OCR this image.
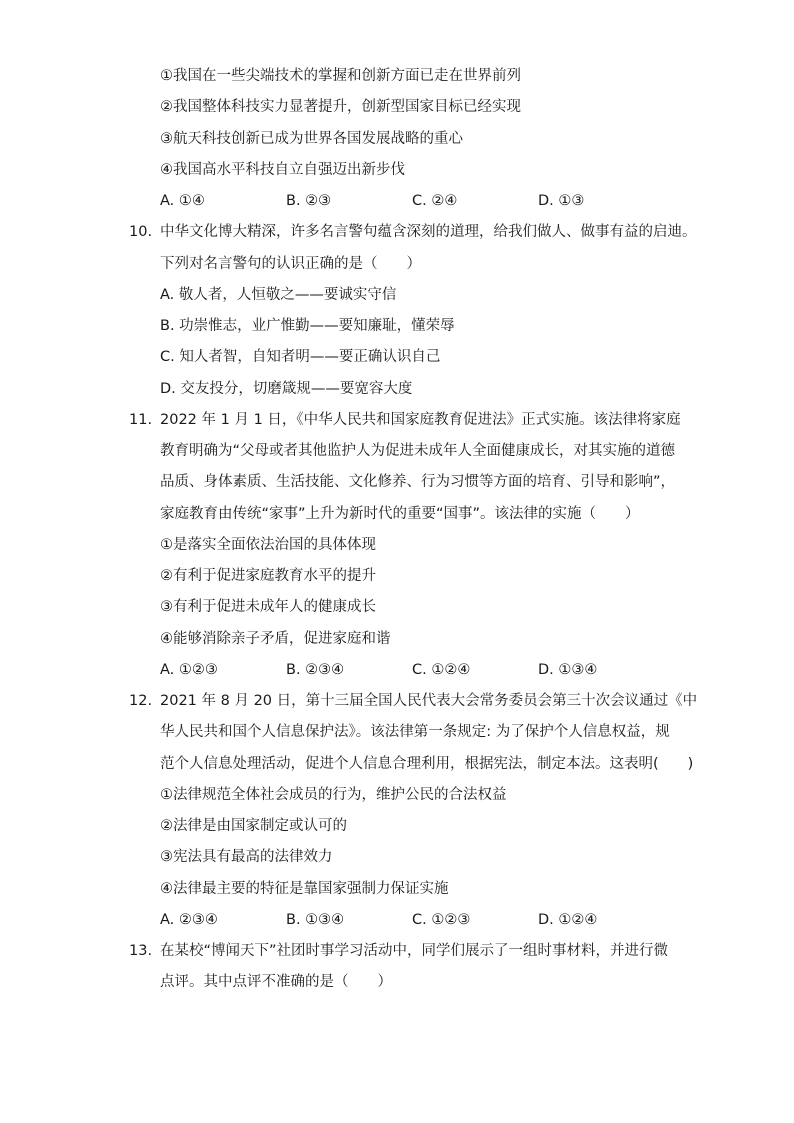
①我国在一些尖端技术的掌握和创新方面已走在世界前列
②我国整体科技实力显著提升，创新型国家目标已经实现
③航天科技创新已成为世界各国发展战略的重心
④我国高水平科技自立自强迈出新步伐
A. ①④	B. ②③	C. ②④	D. ①③
10. 中华文化博大精深，许多名言警句蕴含深刻的道理，给我们做人、做事有益的启迪。
下列对名言警句的认识正确的是（　　）
A. 敬人者，人恒敬之——要诚实守信
B. 功崇惟志，业广惟勤——要知廉耻，懂荣辱
C. 知人者智，自知者明——要正确认识自己
D. 交友投分，切磨箴规——要宽容大度
11. 2022 年 1 月 1 日，《中华人民共和国家庭教育促进法》正式实施。该法律将家庭
教育明确为“父母或者其他监护人为促进未成年人全面健康成长，对其实施的道德
品质、身体素质、生活技能、文化修养、行为习惯等方面的培育、引导和影响”，
家庭教育由传统“家事”上升为新时代的重要“国事”。该法律的实施（　　）
①是落实全面依法治国的具体体现
②有利于促进家庭教育水平的提升
③有利于促进未成年人的健康成长
④能够消除亲子矛盾，促进家庭和谐
A. ①②③	B. ②③④	C. ①②④	D. ①③④
12. 2021 年 8 月 20 日，第十三届全国人民代表大会常务委员会第三十次会议通过《中
华人民共和国个人信息保护法》。该法律第一条规定: 为了保护个人信息权益，规
范个人信息处理活动，促进个人信息合理利用，根据宪法，制定本法。这表明(　　)
①法律规范全体社会成员的行为，维护公民的合法权益
②法律是由国家制定或认可的
③宪法具有最高的法律效力
④法律最主要的特征是靠国家强制力保证实施
A. ②③④	B. ①③④	C. ①②③	D. ①②④
13. 在某校“博闻天下”社团时事学习活动中，同学们展示了一组时事材料，并进行微
点评。其中点评不准确的是（　　）
